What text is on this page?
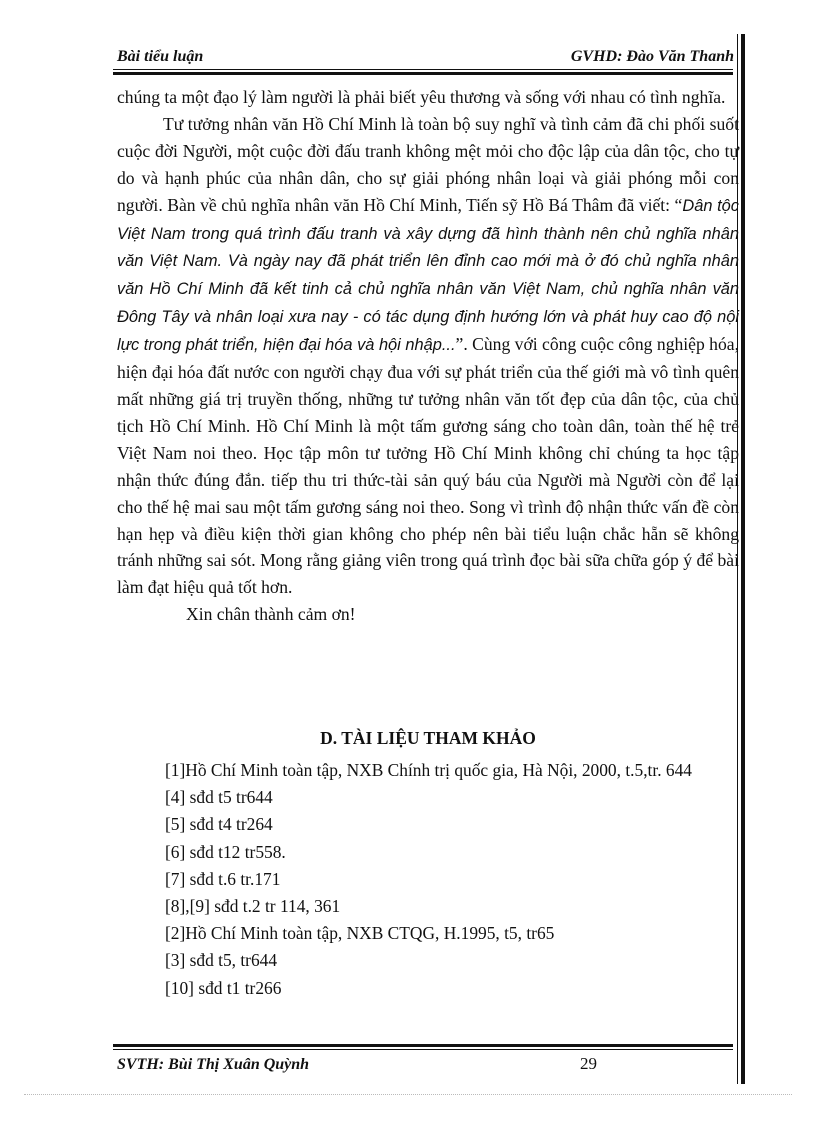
Bài tiểu luận	GVHD: Đào Văn Thanh

chúng ta một đạo lý làm người là phải biết yêu thương và sống với nhau có tình nghĩa.

Tư tưởng nhân văn Hồ Chí Minh là toàn bộ suy nghĩ và tình cảm đã chi phối suốt cuộc đời Người, một cuộc đời đấu tranh không mệt mỏi cho độc lập của dân tộc, cho tự do và hạnh phúc của nhân dân, cho sự giải phóng nhân loại và giải phóng mỗi con người. Bàn về chủ nghĩa nhân văn Hồ Chí Minh, Tiến sỹ Hồ Bá Thâm đã viết: “Dân tộc Việt Nam trong quá trình đấu tranh và xây dựng đã hình thành nên chủ nghĩa nhân văn Việt Nam. Và ngày nay đã phát triển lên đỉnh cao mới mà ở đó chủ nghĩa nhân văn Hồ Chí Minh đã kết tinh cả chủ nghĩa nhân văn Việt Nam, chủ nghĩa nhân văn Đông Tây và nhân loại xưa nay - có tác dụng định hướng lớn và phát huy cao độ nội lực trong phát triển, hiện đại hóa và hội nhập...”. Cùng với công cuộc công nghiệp hóa, hiện đại hóa đất nước con người chạy đua với sự phát triển của thế giới mà vô tình quên mất những giá trị truyền thống, những tư tưởng nhân văn tốt đẹp của dân tộc, của chủ tịch Hồ Chí Minh. Hồ Chí Minh là một tấm gương sáng cho toàn dân, toàn thế hệ trẻ Việt Nam noi theo. Học tập môn tư tưởng Hồ Chí Minh không chỉ chúng ta học tập nhận thức đúng đắn. tiếp thu tri thức-tài sản quý báu của Người mà Người còn để lại cho thế hệ mai sau một tấm gương sáng noi theo. Song vì trình độ nhận thức vấn đề còn hạn hẹp và điều kiện thời gian không cho phép nên bài tiểu luận chắc hẵn sẽ không tránh những sai sót. Mong rằng giảng viên trong quá trình đọc bài sữa chữa góp ý để bài làm đạt hiệu quả tốt hơn.

Xin chân thành cảm ơn!

D. TÀI LIỆU THAM KHẢO
[1]Hồ Chí Minh toàn tập, NXB Chính trị quốc gia, Hà Nội, 2000, t.5,tr. 644
[4] sđd t5 tr644
[5] sđd t4 tr264
[6] sđd t12 tr558.
[7] sđd t.6 tr.171
[8],[9] sđd t.2 tr 114, 361
[2]Hồ Chí Minh toàn tập, NXB CTQG, H.1995, t5, tr65
[3] sđd t5, tr644
[10] sđd t1 tr266
SVTH: Bùi Thị Xuân Quỳnh	29
